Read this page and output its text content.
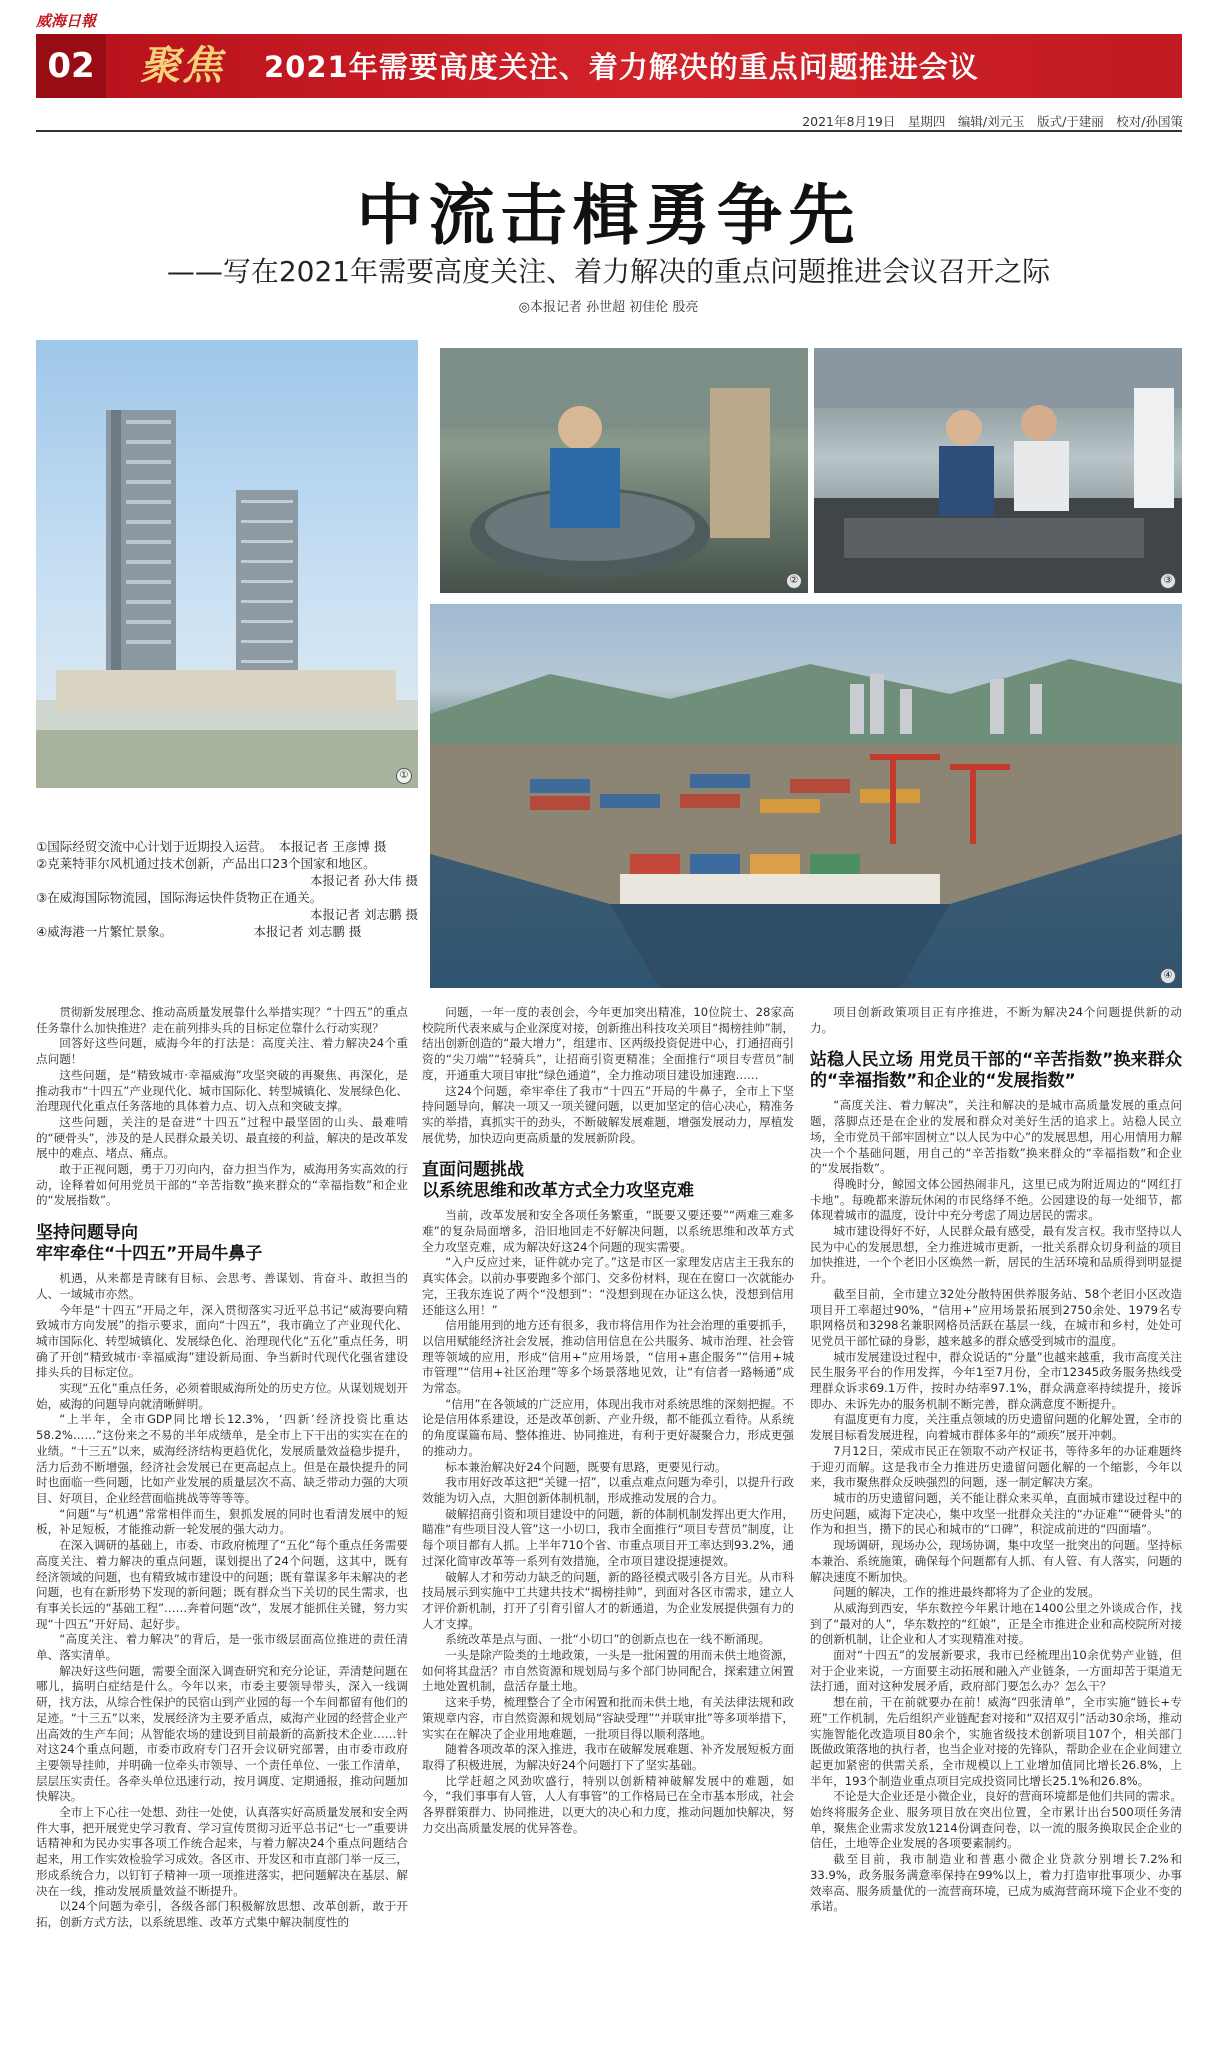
威海日報
02 聚焦 2021年需要高度关注、着力解决的重点问题推进会议
2021年8月19日　星期四　编辑/刘元玉　版式/于建丽　校对/孙国策
中流击楫勇争先
——写在2021年需要高度关注、着力解决的重点问题推进会议召开之际
◎本报记者 孙世超 初佳伦 殷亮
①
②	③
④
①国际经贸交流中心计划于近期投入运营。　本报记者 王彦博 摄
②克莱特菲尔风机通过技术创新，产品出口23个国家和地区。
本报记者 孙大伟 摄
③在威海国际物流园，国际海运快件货物正在通关。
本报记者 刘志鹏 摄
④威海港一片繁忙景象。　　　　　　　本报记者 刘志鹏 摄

贯彻新发展理念、推动高质量发展靠什么举措实现？“十四五”的重点任务靠什么加快推进？走在前列排头兵的目标定位靠什么行动实现？

回答好这些问题，威海今年的打法是：高度关注、着力解决24个重点问题！

这些问题，是“精致城市·幸福威海”攻坚突破的再聚焦、再深化，是推动我市“十四五”产业现代化、城市国际化、转型城镇化、发展绿色化、治理现代化重点任务落地的具体着力点、切入点和突破支撑。

这些问题，关注的是奋进“十四五”过程中最坚固的山头、最难啃的“硬骨头”，涉及的是人民群众最关切、最直接的利益，解决的是改革发展中的难点、堵点、痛点。

敢于正视问题，勇于刀刃向内，奋力担当作为，威海用务实高效的行动，诠释着如何用党员干部的“辛苦指数”换来群众的“幸福指数”和企业的“发展指数”。

坚持问题导向
牢牢牵住“十四五”开局牛鼻子

机遇，从来都是青睐有目标、会思考、善谋划、肯奋斗、敢担当的人、一域城市亦然。

今年是“十四五”开局之年，深入贯彻落实习近平总书记“威海要向精致城市方向发展”的指示要求，面向“十四五”，我市确立了产业现代化、城市国际化、转型城镇化、发展绿色化、治理现代化“五化”重点任务，明确了开创“精致城市·幸福威海”建设新局面、争当新时代现代化强省建设排头兵的目标定位。

实现“五化”重点任务，必须着眼威海所处的历史方位。从谋划规划开始，威海的问题导向就清晰鲜明。

“上半年，全市GDP同比增长12.3%，‘四新’经济投资比重达58.2%……”这份来之不易的半年成绩单，是全市上下干出的实实在在的业绩。“十三五”以来，威海经济结构更趋优化，发展质量效益稳步提升，活力后劲不断增强，经济社会发展已在更高起点上。但是在最快提升的同时也面临一些问题，比如产业发展的质量层次不高、缺乏带动力强的大项目、好项目，企业经营面临挑战等等等等。

“问题”与“机遇”常常相伴而生，狠抓发展的同时也看清发展中的短板，补足短板，才能推动新一轮发展的强大动力。

在深入调研的基础上，市委、市政府梳理了“五化”每个重点任务需要高度关注、着力解决的重点问题，谋划提出了24个问题，这其中，既有经济领域的问题，也有精致城市建设中的问题；既有靠谋多年未解决的老问题，也有在新形势下发现的新问题；既有群众当下关切的民生需求，也有事关长远的“基础工程”……奔着问题“改”，发展才能抓住关键，努力实现“十四五”开好局、起好步。

“高度关注、着力解决”的背后，是一张市级层面高位推进的责任清单、落实清单。

解决好这些问题，需要全面深入调查研究和充分论证，弄清楚问题在哪儿，搞明白症结是什么。今年以来，市委主要领导带头，深入一线调研，找方法，从综合性保护的民宿山到产业园的每一个车间都留有他们的足迹。“十三五”以来，发展经济为主要矛盾点，威海产业园的经营企业产出高效的生产车间；从智能农场的建设到目前最新的高新技术企业……针对这24个重点问题，市委市政府专门召开会议研究部署，由市委市政府主要领导挂帅，并明确一位牵头市领导、一个责任单位、一张工作清单，层层压实责任。各牵头单位迅速行动，按月调度、定期通报，推动问题加快解决。

全市上下心往一处想、劲往一处使，认真落实好高质量发展和安全两件大事，把开展党史学习教育、学习宣传贯彻习近平总书记“七一”重要讲话精神和为民办实事各项工作统合起来，与着力解决24个重点问题结合起来，用工作实效检验学习成效。各区市、开发区和市直部门举一反三，形成系统合力，以钉钉子精神一项一项推进落实，把问题解决在基层、解决在一线，推动发展质量效益不断提升。

以24个问题为牵引，各级各部门积极解放思想、改革创新，敢于开拓，创新方式方法，以系统思维、改革方式集中解决制度性的

问题，一年一度的表创会，今年更加突出精准，10位院士、28家高校院所代表来威与企业深度对接，创新推出科技攻关项目“揭榜挂帅”制，结出创新创造的“最大增力”，组建市、区两级投资促进中心，打通招商引资的“尖刀端”“轻骑兵”，让招商引资更精准；全面推行“项目专营员”制度，开通重大项目审批“绿色通道”，全力推动项目建设加速跑……

这24个问题，牵牢牵住了我市“十四五”开局的牛鼻子，全市上下坚持问题导向，解决一项又一项关键问题，以更加坚定的信心决心，精准务实的举措，真抓实干的劲头，不断破解发展难题，增强发展动力，厚植发展优势，加快迈向更高质量的发展新阶段。

直面问题挑战
以系统思维和改革方式全力攻坚克难

当前，改革发展和安全各项任务繁重，“既要又要还要”“两难三难多难”的复杂局面增多，沿旧地回走不好解决问题，以系统思维和改革方式全力攻坚克难，成为解决好这24个问题的现实需要。

“入户反应过来，证件就办完了。”这是市区一家理发店店主王我东的真实体会。以前办事要跑多个部门、交多份材料，现在在窗口一次就能办完，王我东连说了两个“没想到”：“没想到现在办证这么快，没想到信用还能这么用！”

信用能用到的地方还有很多，我市将信用作为社会治理的重要抓手，以信用赋能经济社会发展，推动信用信息在公共服务、城市治理、社会管理等领域的应用，形成“信用+”应用场景，“信用+惠企服务”“信用+城市管理”“信用+社区治理”等多个场景落地见效，让“有信者一路畅通”成为常态。

“信用”在各领域的广泛应用，体现出我市对系统思维的深刻把握。不论是信用体系建设，还是改革创新、产业升级，都不能孤立看待。从系统的角度谋篇布局、整体推进、协同推进，有利于更好凝聚合力，形成更强的推动力。

标本兼治解决好24个问题，既要有思路，更要见行动。

我市用好改革这把“关键一招”，以重点难点问题为牵引，以提升行政效能为切入点，大胆创新体制机制，形成推动发展的合力。

破解招商引资和项目建设中的问题，新的体制机制发挥出更大作用，瞄准“有些项目没人管”这一小切口，我市全面推行“项目专营员”制度，让每个项目都有人抓。上半年710个省、市重点项目开工率达到93.2%，通过深化简审改革等一系列有效措施，全市项目建设提速提效。

破解人才和劳动力缺乏的问题，新的路径模式吸引各方目光。从市科技局展示到实施中工共建共技术“揭榜挂帅”，到面对各区市需求，建立人才评价新机制，打开了引育引留人才的新通道，为企业发展提供强有力的人才支撑。

系统改革是点与面、一批“小切口”的创新点也在一线不断涌现。

一头是除产险类的土地政策，一头是一批闲置的用而未供土地资源，如何将其盘活？市自然资源和规划局与多个部门协同配合，探索建立闲置土地处置机制，盘活存量土地。

这来手势，梳理整合了全市闲置和批而未供土地，有关法律法规和政策规章内容，市自然资源和规划局“容缺受理”“并联审批”等多项举措下，实实在在解决了企业用地难题，一批项目得以顺利落地。

随着各项改革的深入推进，我市在破解发展难题、补齐发展短板方面取得了积极进展，为解决好24个问题打下了坚实基础。

比学赶超之风劲吹盛行，特别以创新精神破解发展中的难题，如今，“我们事事有人管，人人有事管”的工作格局已在全市基本形成，社会各界群策群力、协同推进，以更大的决心和力度，推动问题加快解决，努力交出高质量发展的优异答卷。

项目创新政策项目正有序推进，不断为解决24个问题提供新的动力。

站稳人民立场 用党员干部的“辛苦指数”换来群众的“幸福指数”和企业的“发展指数”

“高度关注、着力解决”，关注和解决的是城市高质量发展的重点问题，落脚点还是在企业的发展和群众对美好生活的追求上。站稳人民立场，全市党员干部牢固树立“以人民为中心”的发展思想，用心用情用力解决一个个基础问题，用自己的“辛苦指数”换来群众的“幸福指数”和企业的“发展指数”。

得晚时分，鲸园文体公园热闹非凡，这里已成为附近周边的“网红打卡地”。每晚都来游玩休闲的市民络绎不绝。公园建设的每一处细节，都体现着城市的温度，设计中充分考虑了周边居民的需求。

城市建设得好不好，人民群众最有感受，最有发言权。我市坚持以人民为中心的发展思想，全力推进城市更新，一批关系群众切身利益的项目加快推进，一个个老旧小区焕然一新，居民的生活环境和品质得到明显提升。

截至目前，全市建立32处分散特困供养服务站、58个老旧小区改造项目开工率超过90%，“信用+”应用场景拓展到2750余处、1979名专职网格员和3298名兼职网格员活跃在基层一线，在城市和乡村，处处可见党员干部忙碌的身影，越来越多的群众感受到城市的温度。

城市发展建设过程中，群众说话的“分量”也越来越重，我市高度关注民生服务平台的作用发挥，今年1至7月份，全市12345政务服务热线受理群众诉求69.1万件，按时办结率97.1%，群众满意率持续提升，接诉即办、未诉先办的服务机制不断完善，群众满意度不断提升。

有温度更有力度，关注重点领域的历史遗留问题的化解处置，全市的发展目标看发展进程，向着城市群体多年的“顽疾”展开冲刺。

7月12日，荣成市民正在领取不动产权证书，等待多年的办证难题终于迎刃而解。这是我市全力推进历史遗留问题化解的一个缩影，今年以来，我市聚焦群众反映强烈的问题，逐一制定解决方案。

城市的历史遗留问题，关不能让群众来买单，直面城市建设过程中的历史问题，威海下定决心，集中攻坚一批群众关注的“办证难”“硬骨头”的作为和担当，攒下的民心和城市的“口碑”，积淀成前进的“四面墙”。

现场调研，现场办公，现场协调，集中攻坚一批突出的问题。坚持标本兼治、系统施策，确保每个问题都有人抓、有人管、有人落实，问题的解决速度不断加快。

问题的解决，工作的推进最终都将为了企业的发展。

从威海到西安，华东数控今年累计地在1400公里之外谈成合作，找到了“最对的人”，华东数控的“红娘”，正是全市推进企业和高校院所对接的创新机制，让企业和人才实现精准对接。

面对“十四五”的发展新要求，我市已经梳理出10余优势产业链，但对于企业来说，一方面要主动拓展和融入产业链条，一方面却苦于渠道无法打通，面对这种发展矛盾，政府部门要怎么办？怎么干？

想在前，干在前就要办在前！威海“四张清单”，全市实施“链长+专班”工作机制，先后组织产业链配套对接和“双招双引”活动30余场，推动实施智能化改造项目80余个，实施省级技术创新项目107个，相关部门既做政策落地的执行者，也当企业对接的先锋队，帮助企业在企业间建立起更加紧密的供需关系，全市规模以上工业增加值同比增长26.8%，上半年，193个制造业重点项目完成投资同比增长25.1%和26.8%。

不论是大企业还是小微企业，良好的营商环境都是他们共同的需求。始终将服务企业、服务项目放在突出位置，全市累计出台500项任务清单，聚焦企业需求发放1214份调查问卷，以一流的服务换取民企企业的信任，土地等企业发展的各项要素制约。

截至目前，我市制造业和普惠小微企业贷款分别增长7.2%和33.9%，政务服务满意率保持在99%以上，着力打造审批事项少、办事效率高、服务质量优的一流营商环境，已成为威海营商环境下企业不变的承诺。
